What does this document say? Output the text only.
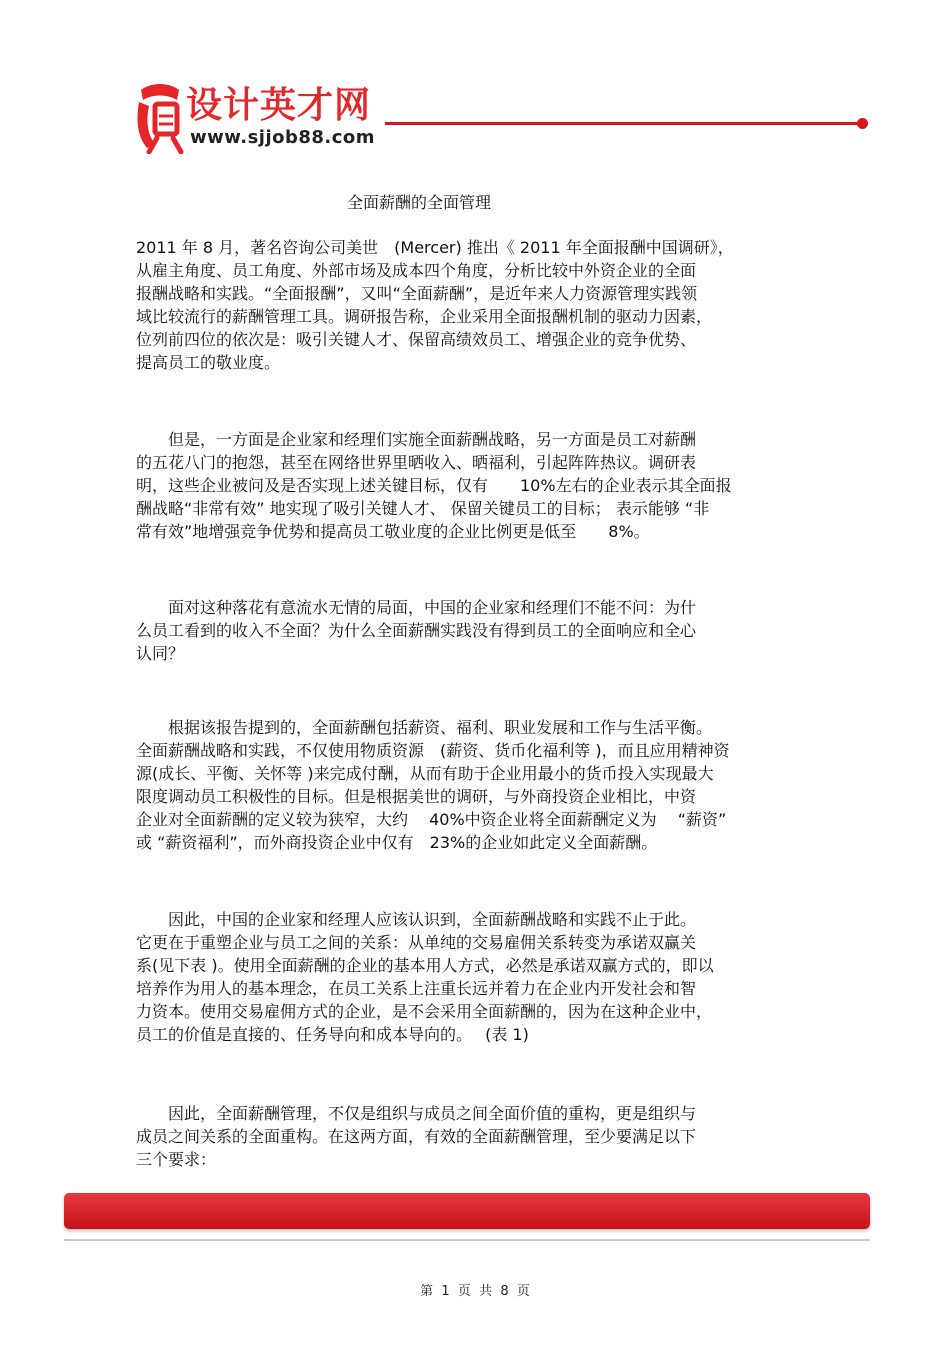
设计英才网
www.sjjob88.com
全面薪酬的全面管理
2011 年 8 月，著名咨询公司美世　(Mercer) 推出《 2011 年全面报酬中国调研》，
从雇主角度、员工角度、外部市场及成本四个角度，分析比较中外资企业的全面
报酬战略和实践。“全面报酬”，又叫“全面薪酬”，是近年来人力资源管理实践领
域比较流行的薪酬管理工具。调研报告称，企业采用全面报酬机制的驱动力因素，
位列前四位的依次是：吸引关键人才、保留高绩效员工、增强企业的竞争优势、
提高员工的敬业度。
　　但是，一方面是企业家和经理们实施全面薪酬战略，另一方面是员工对薪酬
的五花八门的抱怨，甚至在网络世界里晒收入、晒福利，引起阵阵热议。调研表
明，这些企业被问及是否实现上述关键目标，仅有　　10%左右的企业表示其全面报
酬战略“非常有效” 地实现了吸引关键人才、 保留关键员工的目标； 表示能够 “非
常有效”地增强竞争优势和提高员工敬业度的企业比例更是低至　　8%。
　　面对这种落花有意流水无情的局面，中国的企业家和经理们不能不问：为什
么员工看到的收入不全面？为什么全面薪酬实践没有得到员工的全面响应和全心
认同？
　　根据该报告提到的，全面薪酬包括薪资、福利、职业发展和工作与生活平衡。
全面薪酬战略和实践，不仅使用物质资源　(薪资、货币化福利等 )，而且应用精神资
源(成长、平衡、关怀等 )来完成付酬，从而有助于企业用最小的货币投入实现最大
限度调动员工积极性的目标。但是根据美世的调研，与外商投资企业相比，中资
企业对全面薪酬的定义较为狭窄，大约　 40%中资企业将全面薪酬定义为　 “薪资”
或 “薪资福利”，而外商投资企业中仅有　23%的企业如此定义全面薪酬。
　　因此，中国的企业家和经理人应该认识到，全面薪酬战略和实践不止于此。
它更在于重塑企业与员工之间的关系：从单纯的交易雇佣关系转变为承诺双赢关
系(见下表 )。使用全面薪酬的企业的基本用人方式，必然是承诺双赢方式的，即以
培养作为用人的基本理念，在员工关系上注重长远并着力在企业内开发社会和智
力资本。使用交易雇佣方式的企业，是不会采用全面薪酬的，因为在这种企业中，
员工的价值是直接的、任务导向和成本导向的。　 (表 1)
　　因此，全面薪酬管理，不仅是组织与成员之间全面价值的重构，更是组织与
成员之间关系的全面重构。在这两方面，有效的全面薪酬管理，至少要满足以下
三个要求：
第  1  页  共  8  页
